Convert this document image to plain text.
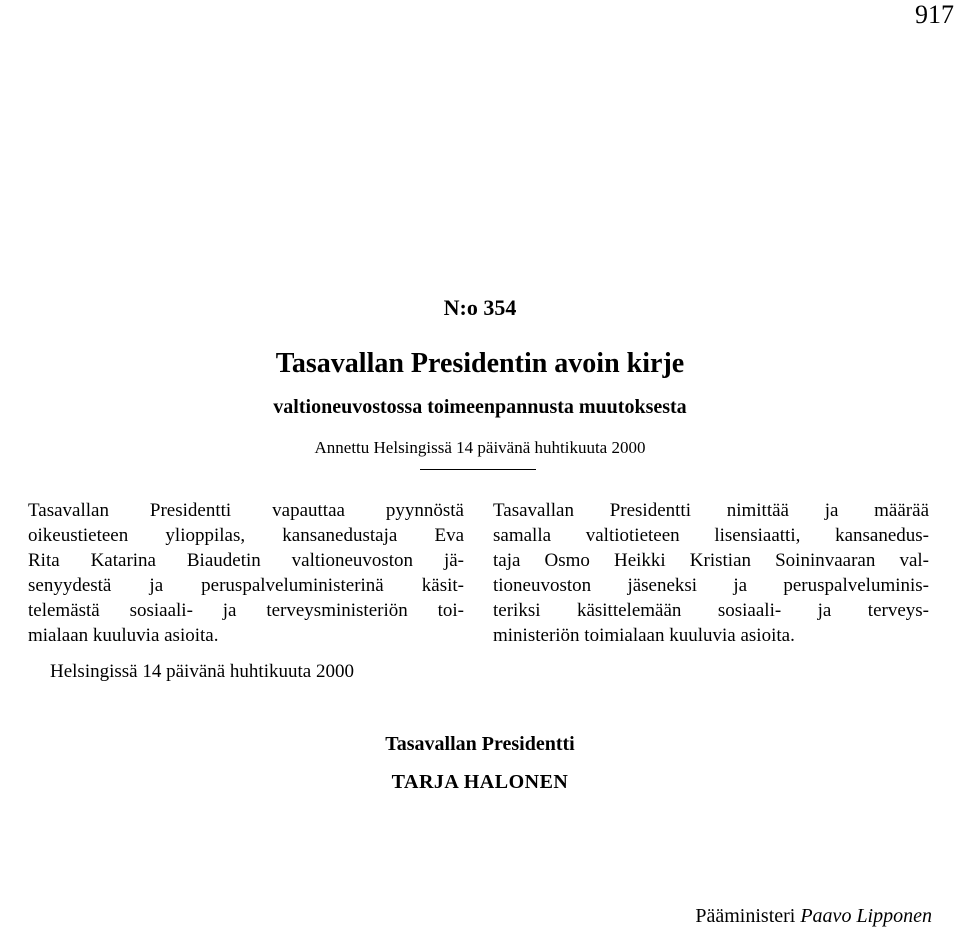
917
N:o 354
Tasavallan Presidentin avoin kirje
valtioneuvostossa toimeenpannusta muutoksesta
Annettu Helsingissä 14 päivänä huhtikuuta 2000
Tasavallan Presidentti vapauttaa pyynnöstä
oikeustieteen ylioppilas, kansanedustaja Eva
Rita Katarina Biaudetin valtioneuvoston jä-
senyydestä ja peruspalveluministerinä käsit-
telemästä sosiaali- ja terveysministeriön toi-
mialaan kuuluvia asioita.
Tasavallan Presidentti nimittää ja määrää
samalla valtiotieteen lisensiaatti, kansanedus-
taja Osmo Heikki Kristian Soininvaaran val-
tioneuvoston jäseneksi ja peruspalveluminis-
teriksi käsittelemään sosiaali- ja terveys-
ministeriön toimialaan kuuluvia asioita.
Helsingissä 14 päivänä huhtikuuta 2000
Tasavallan Presidentti
TARJA HALONEN
Pääministeri Paavo Lipponen
